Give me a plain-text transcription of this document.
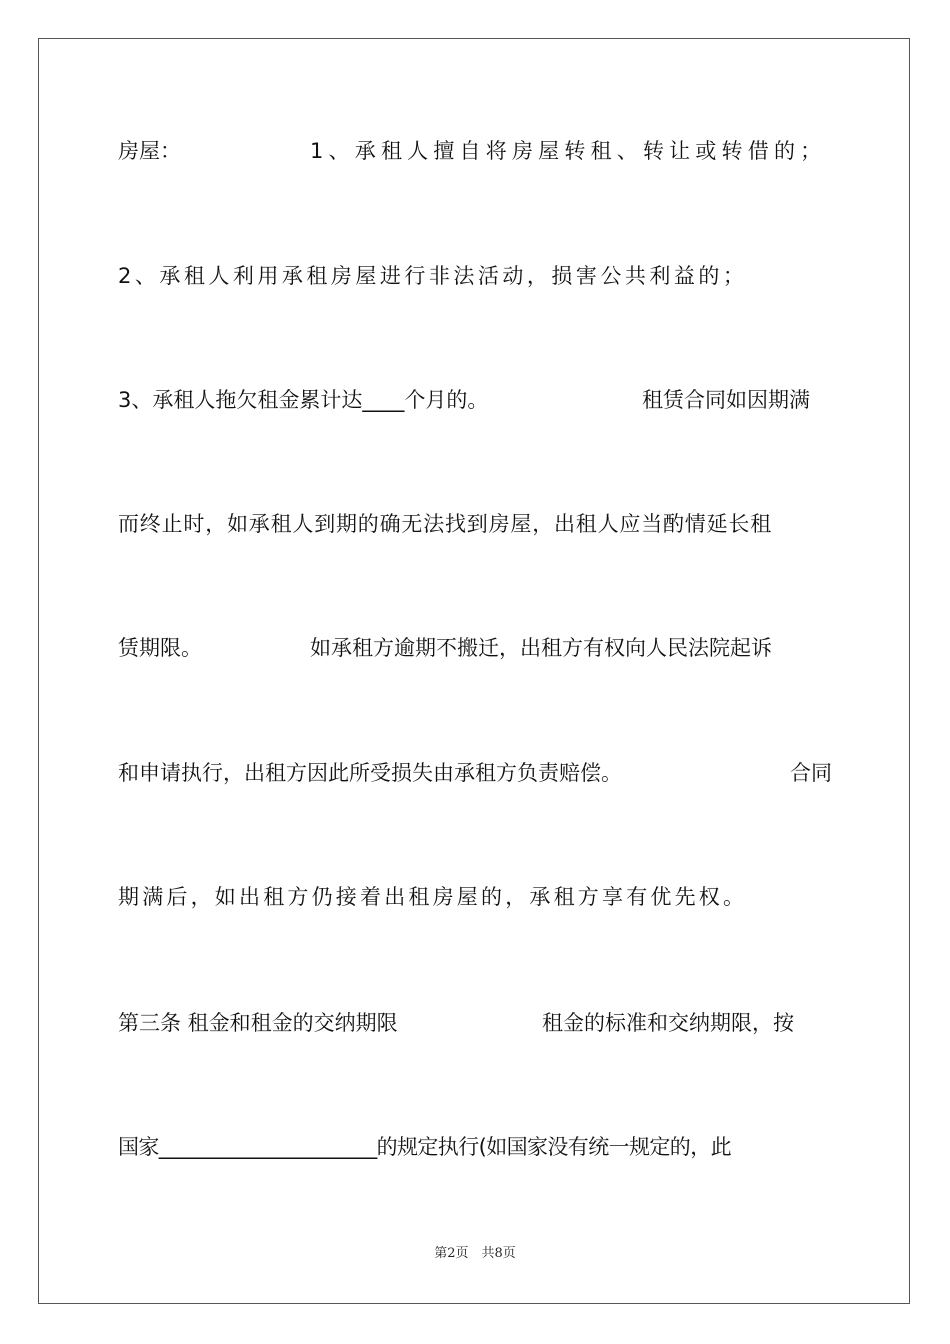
房屋：	1、承租人擅自将房屋转租、转让或转借的；
2、承租人利用承租房屋进行非法活动，损害公共利益的；
3、承租人拖欠租金累计达____个月的。	租赁合同如因期满
而终止时，如承租人到期的确无法找到房屋，出租人应当酌情延长租
赁期限。	如承租方逾期不搬迁，出租方有权向人民法院起诉
和申请执行，出租方因此所受损失由承租方负责赔偿。	合同
期满后，如出租方仍接着出租房屋的，承租方享有优先权。
第三条 租金和租金的交纳期限	租金的标准和交纳期限，按
国家______________________的规定执行(如国家没有统一规定的，此
第2页　共8页
